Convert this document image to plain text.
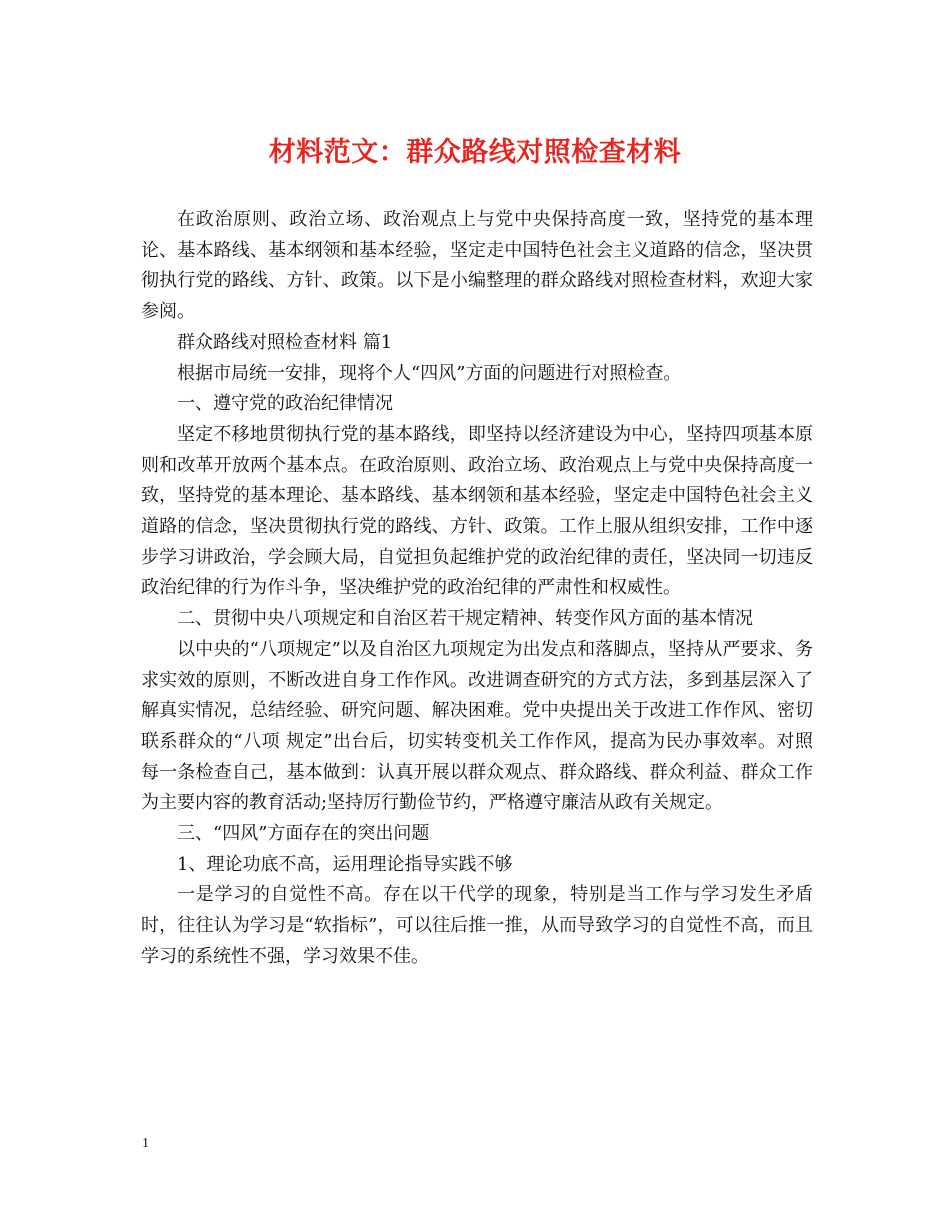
材料范文：群众路线对照检查材料

在政治原则、政治立场、政治观点上与党中央保持高度一致，坚持党的基本理论、基本路线、基本纲领和基本经验，坚定走中国特色社会主义道路的信念，坚决贯彻执行党的路线、方针、政策。以下是小编整理的群众路线对照检查材料，欢迎大家参阅。

群众路线对照检查材料 篇1

根据市局统一安排，现将个人“四风”方面的问题进行对照检查。

一、遵守党的政治纪律情况

坚定不移地贯彻执行党的基本路线，即坚持以经济建设为中心，坚持四项基本原则和改革开放两个基本点。在政治原则、政治立场、政治观点上与党中央保持高度一致，坚持党的基本理论、基本路线、基本纲领和基本经验，坚定走中国特色社会主义道路的信念，坚决贯彻执行党的路线、方针、政策。工作上服从组织安排，工作中逐步学习讲政治，学会顾大局，自觉担负起维护党的政治纪律的责任，坚决同一切违反政治纪律的行为作斗争，坚决维护党的政治纪律的严肃性和权威性。

二、贯彻中央八项规定和自治区若干规定精神、转变作风方面的基本情况

以中央的“八项规定”以及自治区九项规定为出发点和落脚点，坚持从严要求、务求实效的原则，不断改进自身工作作风。改进调查研究的方式方法，多到基层深入了解真实情况，总结经验、研究问题、解决困难。党中央提出关于改进工作作风、密切联系群众的“八项 规定”出台后，切实转变机关工作作风，提高为民办事效率。对照每一条检查自己，基本做到：认真开展以群众观点、群众路线、群众利益、群众工作为主要内容的教育活动;坚持厉行勤俭节约，严格遵守廉洁从政有关规定。

三、“四风”方面存在的突出问题

1、理论功底不高，运用理论指导实践不够

一是学习的自觉性不高。存在以干代学的现象，特别是当工作与学习发生矛盾时，往往认为学习是“软指标”，可以往后推一推，从而导致学习的自觉性不高，而且学习的系统性不强，学习效果不佳。

1
